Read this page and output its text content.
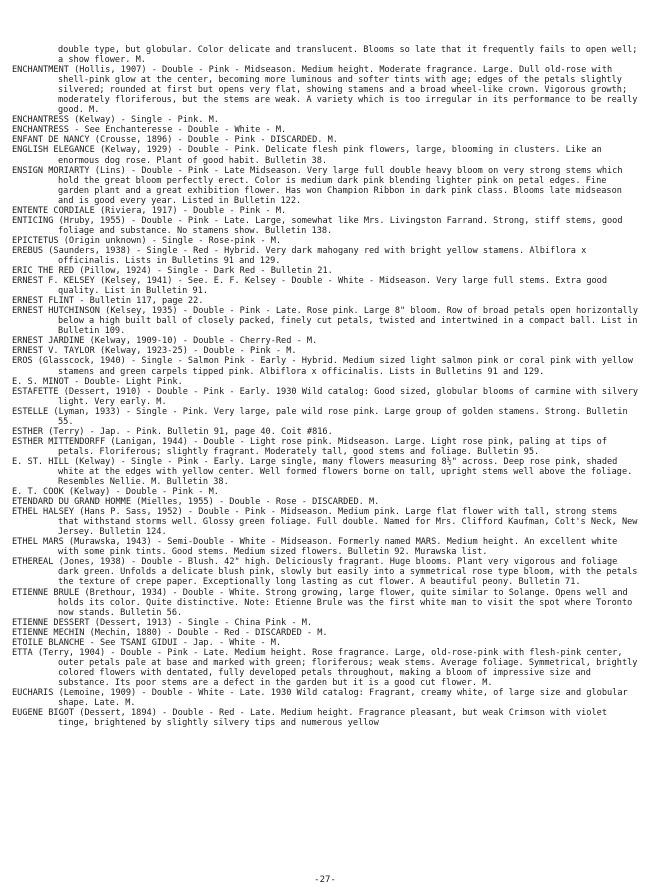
double type, but globular. Color delicate and translucent. Blooms so late that it frequently fails to open well; a show flower. M.

ENCHANTMENT (Hollis, 1907) - Double - Pink - Midseason. Medium height. Moderate fragrance. Large. Dull old-rose with shell-pink glow at the center, becoming more luminous and softer tints with age; edges of the petals slightly silvered; rounded at first but opens very flat, showing stamens and a broad wheel-like crown. Vigorous growth; moderately floriferous, but the stems are weak. A variety which is too irregular in its performance to be really good. M.

ENCHANTRESS (Kelway) - Single - Pink. M.

ENCHANTRESS - See Enchanteresse - Double - White - M.

ENFANT DE NANCY (Crousse, 1896) - Double - Pink - DISCARDED. M.

ENGLISH ELEGANCE (Kelway, 1929) - Double - Pink. Delicate flesh pink flowers, large, blooming in clusters. Like an enormous dog rose. Plant of good habit. Bulletin 38.

ENSIGN MORIARTY (Lins) - Double - Pink - Late Midseason. Very large full double heavy bloom on very strong stems which hold the great bloom perfectly erect. Color is medium dark pink blending lighter pink on petal edges. Fine garden plant and a great exhibition flower. Has won Champion Ribbon in dark pink class. Blooms late midseason and is good every year. Listed in Bulletin 122.

ENTENTE CORDIALE (Riviera, 1917) - Double - Pink - M.

ENTICING (Hruby, 1955) - Double - Pink - Late. Large, somewhat like Mrs. Livingston Farrand. Strong, stiff stems, good foliage and substance. No stamens show. Bulletin 138.

EPICTETUS (Origin unknown) - Single - Rose-pink - M.

EREBUS (Saunders, 1938) - Single - Red - Hybrid. Very dark mahogany red with bright yellow stamens. Albiflora x officinalis. Lists in Bulletins 91 and 129.

ERIC THE RED (Pillow, 1924) - Single - Dark Red - Bulletin 21.

ERNEST F. KELSEY (Kelsey, 1941) - See. E. F. Kelsey - Double - White - Midseason. Very large full stems. Extra good quality. List in Bulletin 91.

ERNEST FLINT - Bulletin 117, page 22.

ERNEST HUTCHINSON (Kelsey, 1935) - Double - Pink - Late. Rose pink. Large 8" bloom. Row of broad petals open horizontally below a high built ball of closely packed, finely cut petals, twisted and intertwined in a compact ball. List in Bulletin 109.

ERNEST JARDINE (Kelway, 1909-10) - Double - Cherry-Red - M.

ERNEST V. TAYLOR (Kelway, 1923-25) - Double - Pink - M.

EROS (Glasscock, 1940) - Single - Salmon Pink - Early - Hybrid. Medium sized light salmon pink or coral pink with yellow stamens and green carpels tipped pink. Albiflora x officinalis. Lists in Bulletins 91 and 129.

E. S. MINOT - Double- Light Pink.

ESTAFETTE (Dessert, 1910) - Double - Pink - Early. 1930 Wild catalog: Good sized, globular blooms of carmine with silvery light. Very early. M.

ESTELLE (Lyman, 1933) - Single - Pink. Very large, pale wild rose pink. Large group of golden stamens. Strong. Bulletin 55.

ESTHER (Terry) - Jap. - Pink. Bulletin 91, page 40. Coit #816.

ESTHER MITTENDORFF (Lanigan, 1944) - Double - Light rose pink. Midseason. Large. Light rose pink, paling at tips of petals. Floriferous; slightly fragrant. Moderately tall, good stems and foliage. Bulletin 95.

E. ST. HILL (Kelway) - Single - Pink - Early. Large single, many flowers measuring 8½" across. Deep rose pink, shaded white at the edges with yellow center. Well formed flowers borne on tall, upright stems well above the foliage. Resembles Nellie. M. Bulletin 38.

E. T. COOK (Kelway) - Double - Pink - M.

ETENDARD DU GRAND HOMME (Mielles, 1955) - Double - Rose - DISCARDED. M.

ETHEL HALSEY (Hans P. Sass, 1952) - Double - Pink - Midseason. Medium pink. Large flat flower with tall, strong stems that withstand storms well. Glossy green foliage. Full double. Named for Mrs. Clifford Kaufman, Colt's Neck, New Jersey. Bulletin 124.

ETHEL MARS (Murawska, 1943) - Semi-Double - White - Midseason. Formerly named MARS. Medium height. An excellent white with some pink tints. Good stems. Medium sized flowers. Bulletin 92. Murawska list.

ETHEREAL (Jones, 1938) - Double - Blush. 42" high. Deliciously fragrant. Huge blooms. Plant very vigorous and foliage dark green. Unfolds a delicate blush pink, slowly but easily into a symmetrical rose type bloom, with the petals the texture of crepe paper. Exceptionally long lasting as cut flower. A beautiful peony. Bulletin 71.

ETIENNE BRULE (Brethour, 1934) - Double - White. Strong growing, large flower, quite similar to Solange. Opens well and holds its color. Quite distinctive. Note: Etienne Brule was the first white man to visit the spot where Toronto now stands. Bulletin 56.

ETIENNE DESSERT (Dessert, 1913) - Single - China Pink - M.

ETIENNE MECHIN (Mechin, 1880) - Double - Red - DISCARDED - M.

ETOILE BLANCHE - See TSANI GIDUI - Jap. - White - M.

ETTA (Terry, 1904) - Double - Pink - Late. Medium height. Rose fragrance. Large, old-rose-pink with flesh-pink center, outer petals pale at base and marked with green; floriferous; weak stems. Average foliage. Symmetrical, brightly colored flowers with dentated, fully developed petals throughout, making a bloom of impressive size and substance. Its poor stems are a defect in the garden but it is a good cut flower. M.

EUCHARIS (Lemoine, 1909) - Double - White - Late. 1930 Wild catalog: Fragrant, creamy white, of large size and globular shape. Late. M.

EUGENE BIGOT (Dessert, 1894) - Double - Red - Late. Medium height. Fragrance pleasant, but weak Crimson with violet tinge, brightened by slightly silvery tips and numerous yellow

-27-
